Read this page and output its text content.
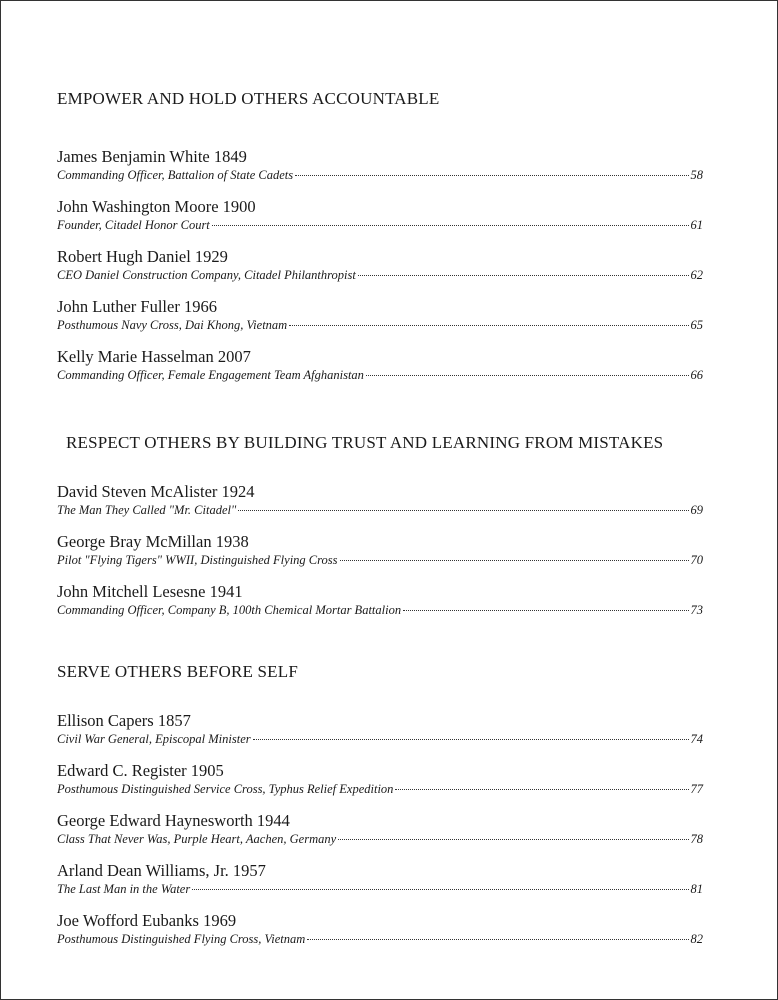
EMPOWER AND HOLD OTHERS ACCOUNTABLE
James Benjamin White 1849
Commanding Officer, Battalion of State Cadets	58
John Washington Moore 1900
Founder, Citadel Honor Court	61
Robert Hugh Daniel 1929
CEO Daniel Construction Company, Citadel Philanthropist	62
John Luther Fuller 1966
Posthumous Navy Cross, Dai Khong, Vietnam	65
Kelly Marie Hasselman 2007
Commanding Officer, Female Engagement Team Afghanistan	66
RESPECT OTHERS BY BUILDING TRUST AND LEARNING FROM MISTAKES
David Steven McAlister 1924
The Man They Called "Mr. Citadel"	69
George Bray McMillan 1938
Pilot "Flying Tigers" WWII, Distinguished Flying Cross	70
John Mitchell Lesesne 1941
Commanding Officer, Company B, 100th Chemical Mortar Battalion	73
SERVE OTHERS BEFORE SELF
Ellison Capers 1857
Civil War General, Episcopal Minister	74
Edward C. Register 1905
Posthumous Distinguished Service Cross, Typhus Relief Expedition	77
George Edward Haynesworth 1944
Class That Never Was, Purple Heart, Aachen, Germany	78
Arland Dean Williams, Jr. 1957
The Last Man in the Water	81
Joe Wofford Eubanks 1969
Posthumous Distinguished Flying Cross, Vietnam	82
